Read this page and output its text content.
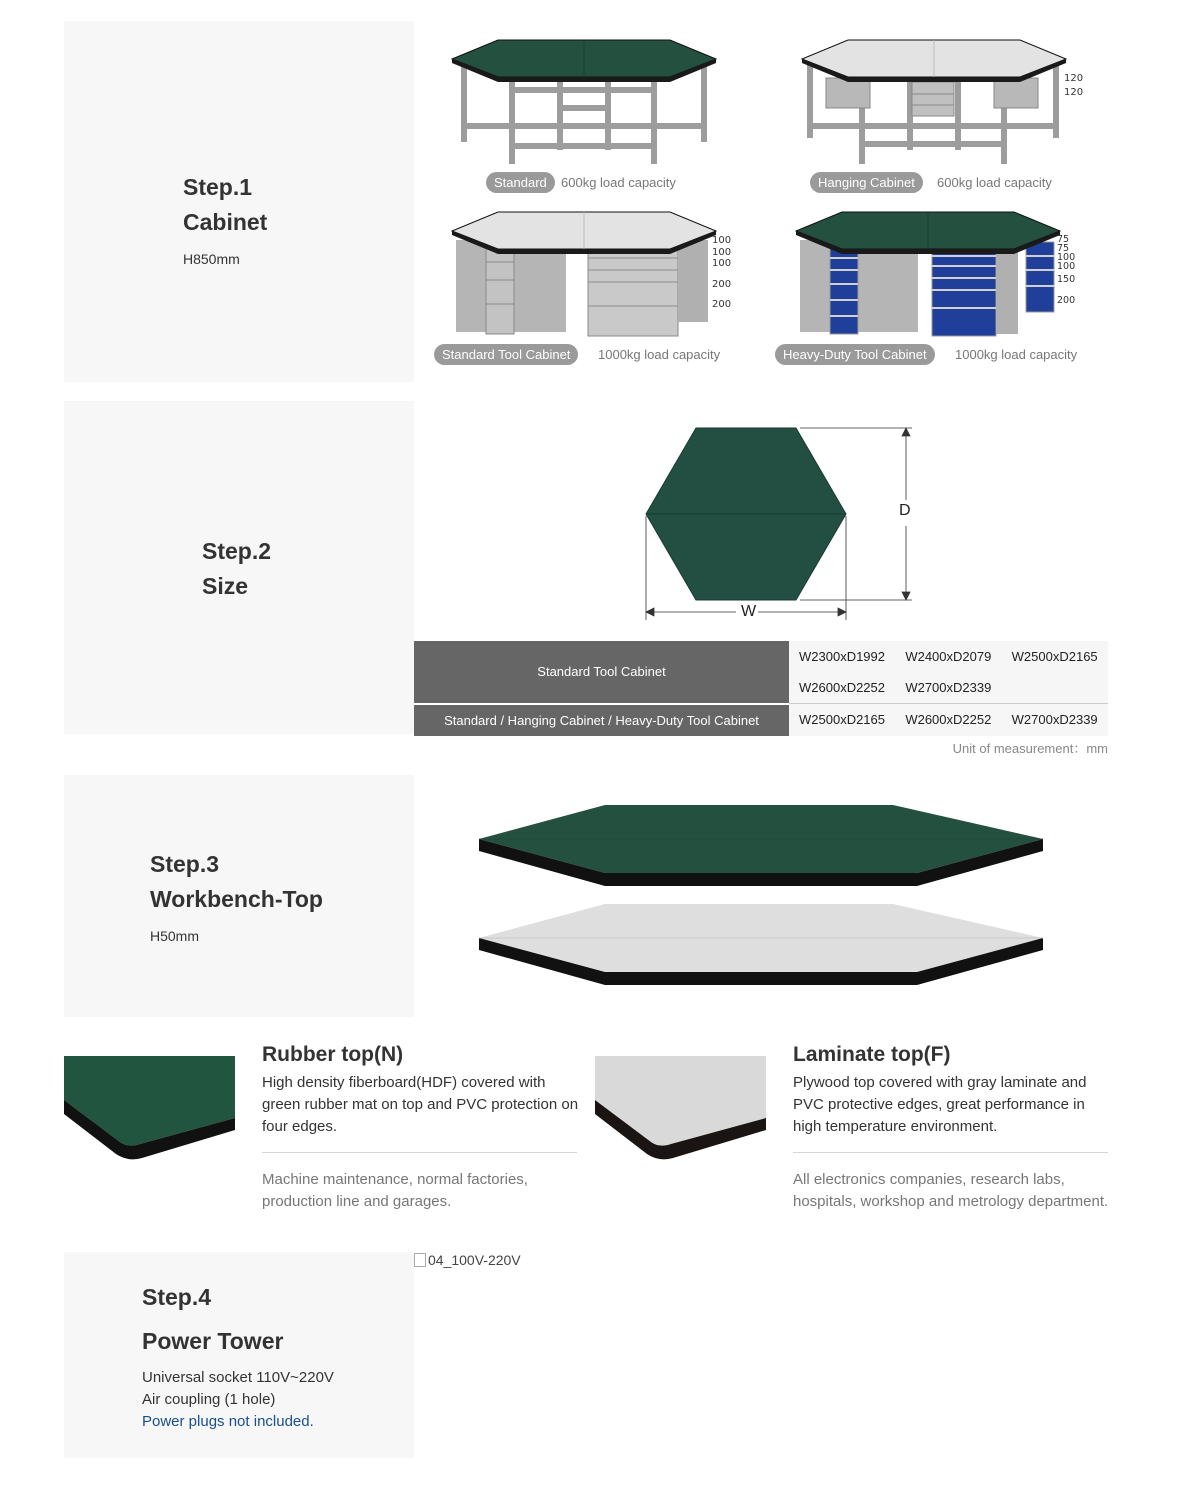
Step.1
Cabinet
H850mm
Standard	600kg load capacity
120
120
Hanging Cabinet	600kg load capacity
100
100
100
200
200
Standard Tool Cabinet	1000kg load capacity
75
75
100
100
150
200
Heavy-Duty Tool Cabinet	1000kg load capacity
Step.2
Size
D
W
Standard Tool Cabinet	W2300xD1992	W2400xD2079	W2500xD2165
	W2600xD2252	W2700xD2339	
Standard / Hanging Cabinet / Heavy-Duty Tool Cabinet	W2500xD2165	W2600xD2252	W2700xD2339
Unit of measurement：mm
Step.3
Workbench-Top
H50mm
Rubber top(N)
High density fiberboard(HDF) covered with green rubber mat on top and PVC protection on four edges.
Machine maintenance, normal factories, production line and garages.
Laminate top(F)
Plywood top covered with gray laminate and PVC protective edges, great performance in high temperature environment.
All electronics companies, research labs, hospitals, workshop and metrology department.
Step.4
Power Tower
Universal socket 110V~220V
Air coupling (1 hole)
Power plugs not included.
04_100V-220V
